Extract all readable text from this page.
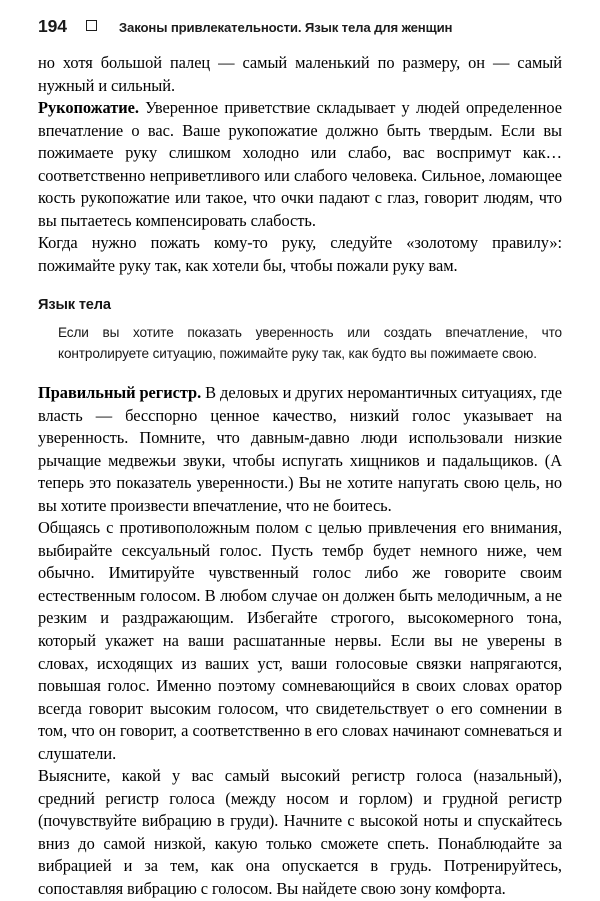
194	Законы привлекательности. Язык тела для женщин

но хотя большой палец — самый маленький по размеру, он — самый нужный и сильный.

Рукопожатие. Уверенное приветствие складывает у людей определенное впечатление о вас. Ваше рукопожатие должно быть твердым. Если вы пожимаете руку слишком холодно или слабо, вас воспримут как… соответственно неприветливого или слабого человека. Сильное, ломающее кость рукопожатие или такое, что очки падают с глаз, говорит людям, что вы пытаетесь компенсировать слабость.

Когда нужно пожать кому-то руку, следуйте «золотому правилу»: пожимайте руку так, как хотели бы, чтобы пожали руку вам.

Язык тела
Если вы хотите показать уверенность или создать впечатление, что контролируете ситуацию, пожимайте руку так, как будто вы пожимаете свою.

Правильный регистр. В деловых и других неромантичных ситуациях, где власть — бесспорно ценное качество, низкий голос указывает на уверенность. Помните, что давным-давно люди использовали низкие рычащие медвежьи звуки, чтобы испугать хищников и падальщиков. (А теперь это показатель уверенности.) Вы не хотите напугать свою цель, но вы хотите произвести впечатление, что не боитесь.

Общаясь с противоположным полом с целью привлечения его внимания, выбирайте сексуальный голос. Пусть тембр будет немного ниже, чем обычно. Имитируйте чувственный голос либо же говорите своим естественным голосом. В любом случае он должен быть мелодичным, а не резким и раздражающим. Избегайте строгого, высокомерного тона, который укажет на ваши расшатанные нервы. Если вы не уверены в словах, исходящих из ваших уст, ваши голосовые связки напрягаются, повышая голос. Именно поэтому сомневающийся в своих словах оратор всегда говорит высоким голосом, что свидетельствует о его сомнении в том, что он говорит, а соответственно в его словах начинают сомневаться и слушатели.

Выясните, какой у вас самый высокий регистр голоса (назальный), средний регистр голоса (между носом и горлом) и грудной регистр (почувствуйте вибрацию в груди). Начните с высокой ноты и спускайтесь вниз до самой низкой, какую только сможете спеть. Понаблюдайте за вибрацией и за тем, как она опускается в грудь. Потренируйтесь, сопоставляя вибрацию с голосом. Вы найдете свою зону комфорта.
